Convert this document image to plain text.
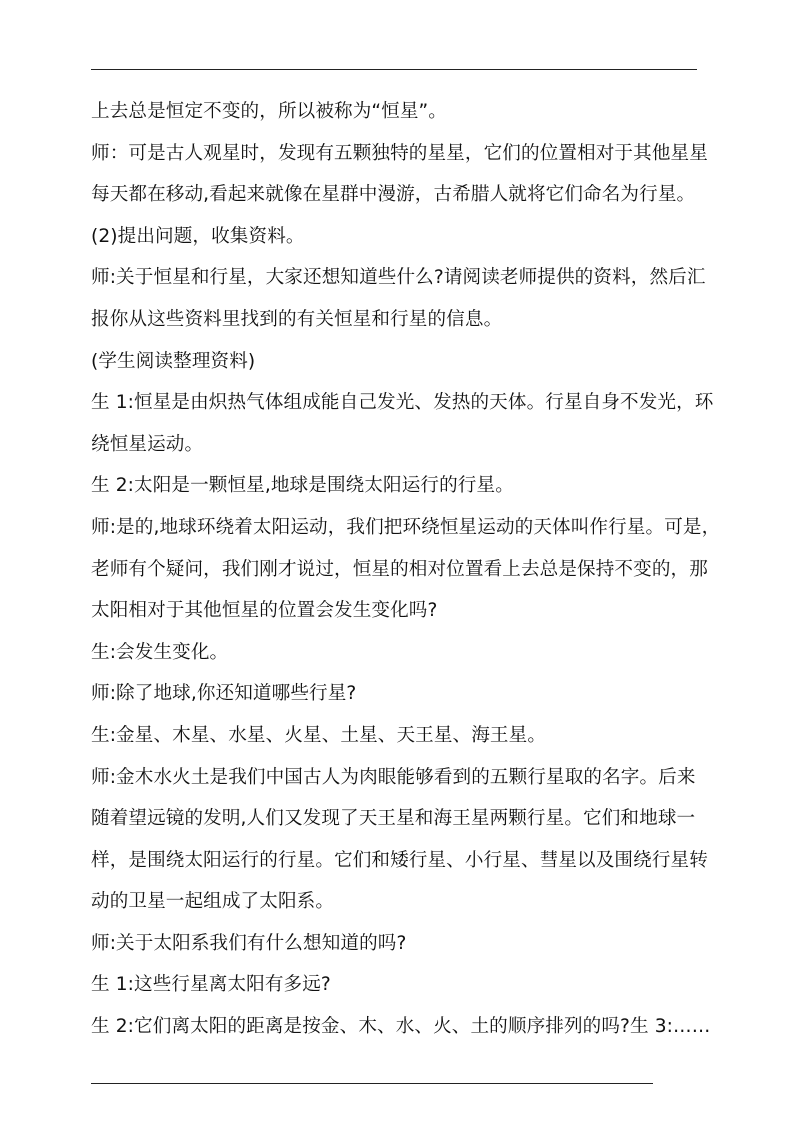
上去总是恒定不变的，所以被称为“恒星”。
师：可是古人观星时，发现有五颗独特的星星，它们的位置相对于其他星星
每天都在移动,看起来就像在星群中漫游，古希腊人就将它们命名为行星。
(2)提出问题，收集资料。
师:关于恒星和行星，大家还想知道些什么?请阅读老师提供的资料，然后汇
报你从这些资料里找到的有关恒星和行星的信息。
(学生阅读整理资料)
生 1:恒星是由炽热气体组成能自己发光、发热的天体。行星自身不发光，环
绕恒星运动。
生 2:太阳是一颗恒星,地球是围绕太阳运行的行星。
师:是的,地球环绕着太阳运动，我们把环绕恒星运动的天体叫作行星。可是，
老师有个疑问，我们刚才说过，恒星的相对位置看上去总是保持不变的，那
太阳相对于其他恒星的位置会发生变化吗?
生:会发生变化。
师:除了地球,你还知道哪些行星?
生:金星、木星、水星、火星、土星、天王星、海王星。
师:金木水火土是我们中国古人为肉眼能够看到的五颗行星取的名字。后来
随着望远镜的发明,人们又发现了天王星和海王星两颗行星。它们和地球一
样，是围绕太阳运行的行星。它们和矮行星、小行星、彗星以及围绕行星转
动的卫星一起组成了太阳系。
师:关于太阳系我们有什么想知道的吗?
生 1:这些行星离太阳有多远?
生 2:它们离太阳的距离是按金、木、水、火、土的顺序排列的吗?生 3:……
